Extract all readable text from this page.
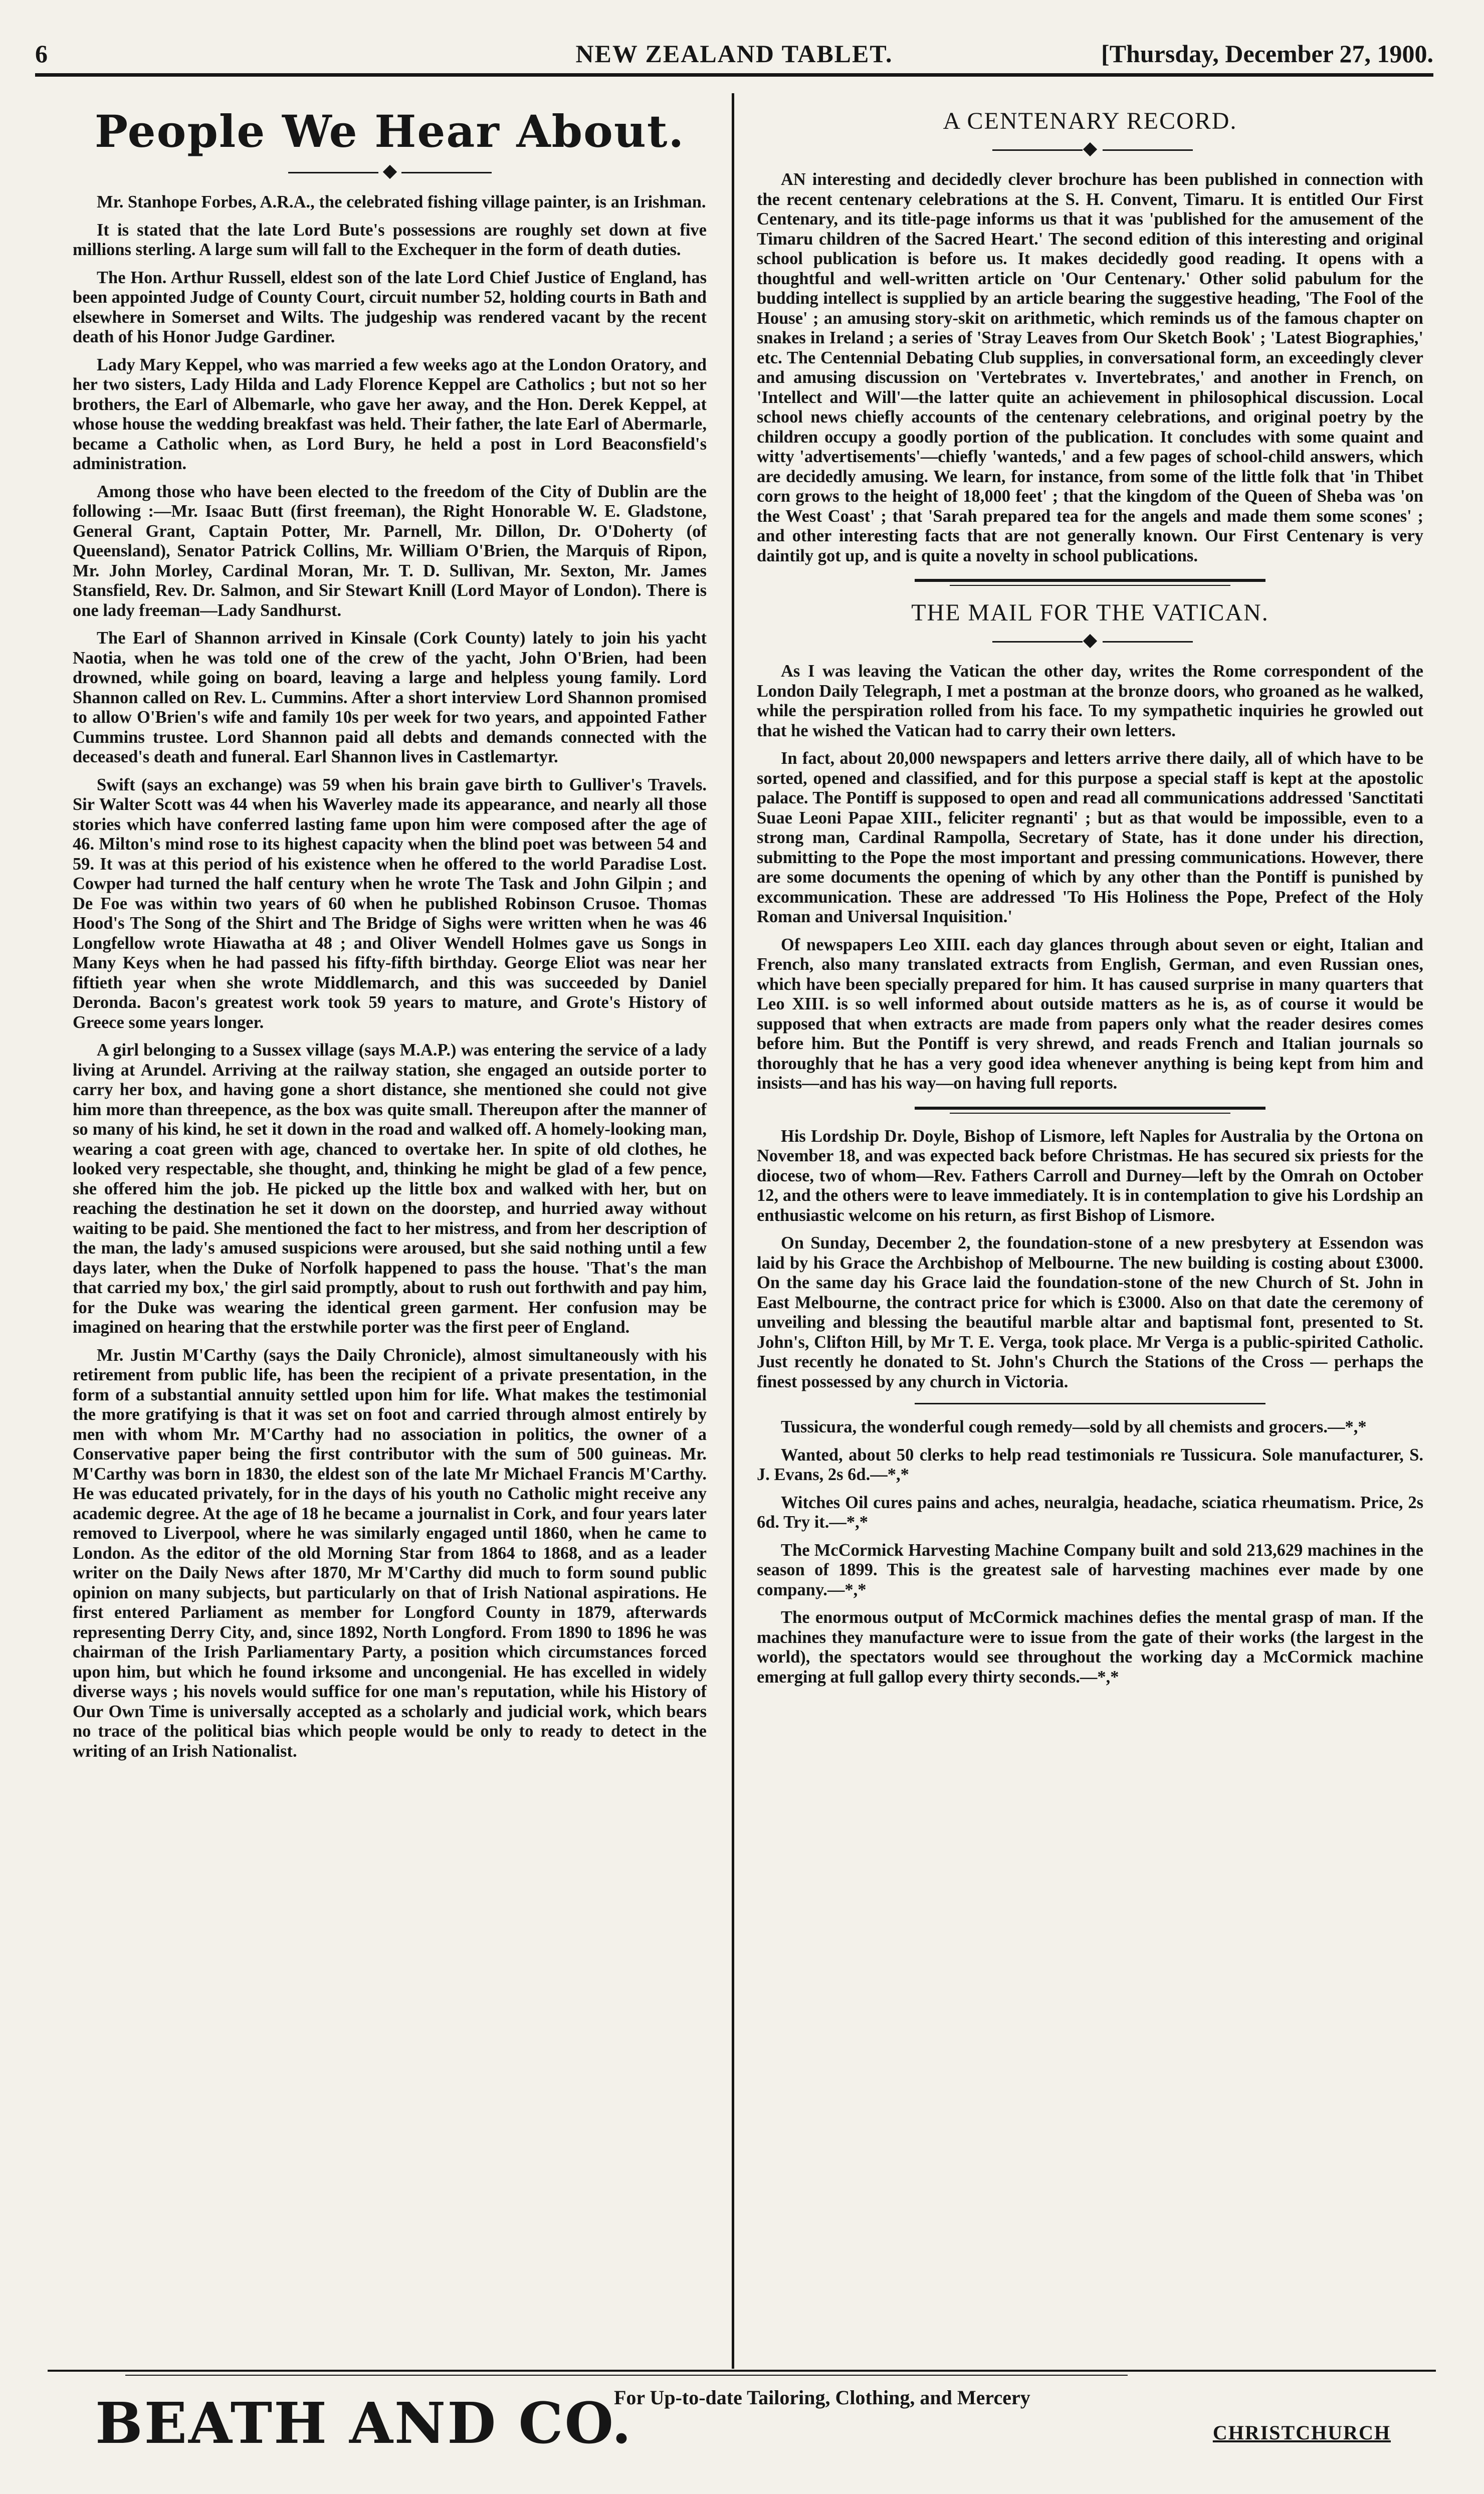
NEW ZEALAND TABLET.
6	[Thursday, December 27, 1900.
People We Hear About.

Mr. Stanhope Forbes, A.R.A., the celebrated fishing village painter, is an Irishman.

It is stated that the late Lord Bute's possessions are roughly set down at five millions sterling. A large sum will fall to the Exchequer in the form of death duties.

The Hon. Arthur Russell, eldest son of the late Lord Chief Justice of England, has been appointed Judge of County Court, circuit number 52, holding courts in Bath and elsewhere in Somerset and Wilts. The judgeship was rendered vacant by the recent death of his Honor Judge Gardiner.

Lady Mary Keppel, who was married a few weeks ago at the London Oratory, and her two sisters, Lady Hilda and Lady Florence Keppel are Catholics ; but not so her brothers, the Earl of Albemarle, who gave her away, and the Hon. Derek Keppel, at whose house the wedding breakfast was held. Their father, the late Earl of Abermarle, became a Catholic when, as Lord Bury, he held a post in Lord Beaconsfield's administration.

Among those who have been elected to the freedom of the City of Dublin are the following :—Mr. Isaac Butt (first freeman), the Right Honorable W. E. Gladstone, General Grant, Captain Potter, Mr. Parnell, Mr. Dillon, Dr. O'Doherty (of Queensland), Senator Patrick Collins, Mr. William O'Brien, the Marquis of Ripon, Mr. John Morley, Cardinal Moran, Mr. T. D. Sullivan, Mr. Sexton, Mr. James Stansfield, Rev. Dr. Salmon, and Sir Stewart Knill (Lord Mayor of London). There is one lady freeman—Lady Sandhurst.

The Earl of Shannon arrived in Kinsale (Cork County) lately to join his yacht Naotia, when he was told one of the crew of the yacht, John O'Brien, had been drowned, while going on board, leaving a large and helpless young family. Lord Shannon called on Rev. L. Cummins. After a short interview Lord Shannon promised to allow O'Brien's wife and family 10s per week for two years, and appointed Father Cummins trustee. Lord Shannon paid all debts and demands connected with the deceased's death and funeral. Earl Shannon lives in Castlemartyr.

Swift (says an exchange) was 59 when his brain gave birth to Gulliver's Travels. Sir Walter Scott was 44 when his Waverley made its appearance, and nearly all those stories which have conferred lasting fame upon him were composed after the age of 46. Milton's mind rose to its highest capacity when the blind poet was between 54 and 59. It was at this period of his existence when he offered to the world Paradise Lost. Cowper had turned the half century when he wrote The Task and John Gilpin ; and De Foe was within two years of 60 when he published Robinson Crusoe. Thomas Hood's The Song of the Shirt and The Bridge of Sighs were written when he was 46 Longfellow wrote Hiawatha at 48 ; and Oliver Wendell Holmes gave us Songs in Many Keys when he had passed his fifty-fifth birthday. George Eliot was near her fiftieth year when she wrote Middlemarch, and this was succeeded by Daniel Deronda. Bacon's greatest work took 59 years to mature, and Grote's History of Greece some years longer.

A girl belonging to a Sussex village (says M.A.P.) was entering the service of a lady living at Arundel. Arriving at the railway station, she engaged an outside porter to carry her box, and having gone a short distance, she mentioned she could not give him more than threepence, as the box was quite small. Thereupon after the manner of so many of his kind, he set it down in the road and walked off. A homely-looking man, wearing a coat green with age, chanced to overtake her. In spite of old clothes, he looked very respectable, she thought, and, thinking he might be glad of a few pence, she offered him the job. He picked up the little box and walked with her, but on reaching the destination he set it down on the doorstep, and hurried away without waiting to be paid. She mentioned the fact to her mistress, and from her description of the man, the lady's amused suspicions were aroused, but she said nothing until a few days later, when the Duke of Norfolk happened to pass the house. 'That's the man that carried my box,' the girl said promptly, about to rush out forthwith and pay him, for the Duke was wearing the identical green garment. Her confusion may be imagined on hearing that the erstwhile porter was the first peer of England.

Mr. Justin M'Carthy (says the Daily Chronicle), almost simultaneously with his retirement from public life, has been the recipient of a private presentation, in the form of a substantial annuity settled upon him for life. What makes the testimonial the more gratifying is that it was set on foot and carried through almost entirely by men with whom Mr. M'Carthy had no association in politics, the owner of a Conservative paper being the first contributor with the sum of 500 guineas. Mr. M'Carthy was born in 1830, the eldest son of the late Mr Michael Francis M'Carthy. He was educated privately, for in the days of his youth no Catholic might receive any academic degree. At the age of 18 he became a journalist in Cork, and four years later removed to Liverpool, where he was similarly engaged until 1860, when he came to London. As the editor of the old Morning Star from 1864 to 1868, and as a leader writer on the Daily News after 1870, Mr M'Carthy did much to form sound public opinion on many subjects, but particularly on that of Irish National aspirations. He first entered Parliament as member for Longford County in 1879, afterwards representing Derry City, and, since 1892, North Longford. From 1890 to 1896 he was chairman of the Irish Parliamentary Party, a position which circumstances forced upon him, but which he found irksome and uncongenial. He has excelled in widely diverse ways ; his novels would suffice for one man's reputation, while his History of Our Own Time is universally accepted as a scholarly and judicial work, which bears no trace of the political bias which people would be only to ready to detect in the writing of an Irish Nationalist.

A CENTENARY RECORD.

AN interesting and decidedly clever brochure has been published in connection with the recent centenary celebrations at the S. H. Convent, Timaru. It is entitled Our First Centenary, and its title-page informs us that it was 'published for the amusement of the Timaru children of the Sacred Heart.' The second edition of this interesting and original school publication is before us. It makes decidedly good reading. It opens with a thoughtful and well-written article on 'Our Centenary.' Other solid pabulum for the budding intellect is supplied by an article bearing the suggestive heading, 'The Fool of the House' ; an amusing story-skit on arithmetic, which reminds us of the famous chapter on snakes in Ireland ; a series of 'Stray Leaves from Our Sketch Book' ; 'Latest Biographies,' etc. The Centennial Debating Club supplies, in conversational form, an exceedingly clever and amusing discussion on 'Vertebrates v. Invertebrates,' and another in French, on 'Intellect and Will'—the latter quite an achievement in philosophical discussion. Local school news chiefly accounts of the centenary celebrations, and original poetry by the children occupy a goodly portion of the publication. It concludes with some quaint and witty 'advertisements'—chiefly 'wanteds,' and a few pages of school-child answers, which are decidedly amusing. We learn, for instance, from some of the little folk that 'in Thibet corn grows to the height of 18,000 feet' ; that the kingdom of the Queen of Sheba was 'on the West Coast' ; that 'Sarah prepared tea for the angels and made them some scones' ; and other interesting facts that are not generally known. Our First Centenary is very daintily got up, and is quite a novelty in school publications.

THE MAIL FOR THE VATICAN.

As I was leaving the Vatican the other day, writes the Rome correspondent of the London Daily Telegraph, I met a postman at the bronze doors, who groaned as he walked, while the perspiration rolled from his face. To my sympathetic inquiries he growled out that he wished the Vatican had to carry their own letters.

In fact, about 20,000 newspapers and letters arrive there daily, all of which have to be sorted, opened and classified, and for this purpose a special staff is kept at the apostolic palace. The Pontiff is supposed to open and read all communications addressed 'Sanctitati Suae Leoni Papae XIII., feliciter regnanti' ; but as that would be impossible, even to a strong man, Cardinal Rampolla, Secretary of State, has it done under his direction, submitting to the Pope the most important and pressing communications. However, there are some documents the opening of which by any other than the Pontiff is punished by excommunication. These are addressed 'To His Holiness the Pope, Prefect of the Holy Roman and Universal Inquisition.'

Of newspapers Leo XIII. each day glances through about seven or eight, Italian and French, also many translated extracts from English, German, and even Russian ones, which have been specially prepared for him. It has caused surprise in many quarters that Leo XIII. is so well informed about outside matters as he is, as of course it would be supposed that when extracts are made from papers only what the reader desires comes before him. But the Pontiff is very shrewd, and reads French and Italian journals so thoroughly that he has a very good idea whenever anything is being kept from him and insists—and has his way—on having full reports.

His Lordship Dr. Doyle, Bishop of Lismore, left Naples for Australia by the Ortona on November 18, and was expected back before Christmas. He has secured six priests for the diocese, two of whom—Rev. Fathers Carroll and Durney—left by the Omrah on October 12, and the others were to leave immediately. It is in contemplation to give his Lordship an enthusiastic welcome on his return, as first Bishop of Lismore.

On Sunday, December 2, the foundation-stone of a new presbytery at Essendon was laid by his Grace the Archbishop of Melbourne. The new building is costing about £3000. On the same day his Grace laid the foundation-stone of the new Church of St. John in East Melbourne, the contract price for which is £3000. Also on that date the ceremony of unveiling and blessing the beautiful marble altar and baptismal font, presented to St. John's, Clifton Hill, by Mr T. E. Verga, took place. Mr Verga is a public-spirited Catholic. Just recently he donated to St. John's Church the Stations of the Cross — perhaps the finest possessed by any church in Victoria.

Tussicura, the wonderful cough remedy—sold by all chemists and grocers.—*,*

Wanted, about 50 clerks to help read testimonials re Tussicura. Sole manufacturer, S. J. Evans, 2s 6d.—*,*

Witches Oil cures pains and aches, neuralgia, headache, sciatica rheumatism. Price, 2s 6d. Try it.—*,*

The McCormick Harvesting Machine Company built and sold 213,629 machines in the season of 1899. This is the greatest sale of harvesting machines ever made by one company.—*,*

The enormous output of McCormick machines defies the mental grasp of man. If the machines they manufacture were to issue from the gate of their works (the largest in the world), the spectators would see throughout the working day a McCormick machine emerging at full gallop every thirty seconds.—*,*

BEATH AND CO.
For Up-to-date Tailoring, Clothing, and Mercery
CHRISTCHURCH
